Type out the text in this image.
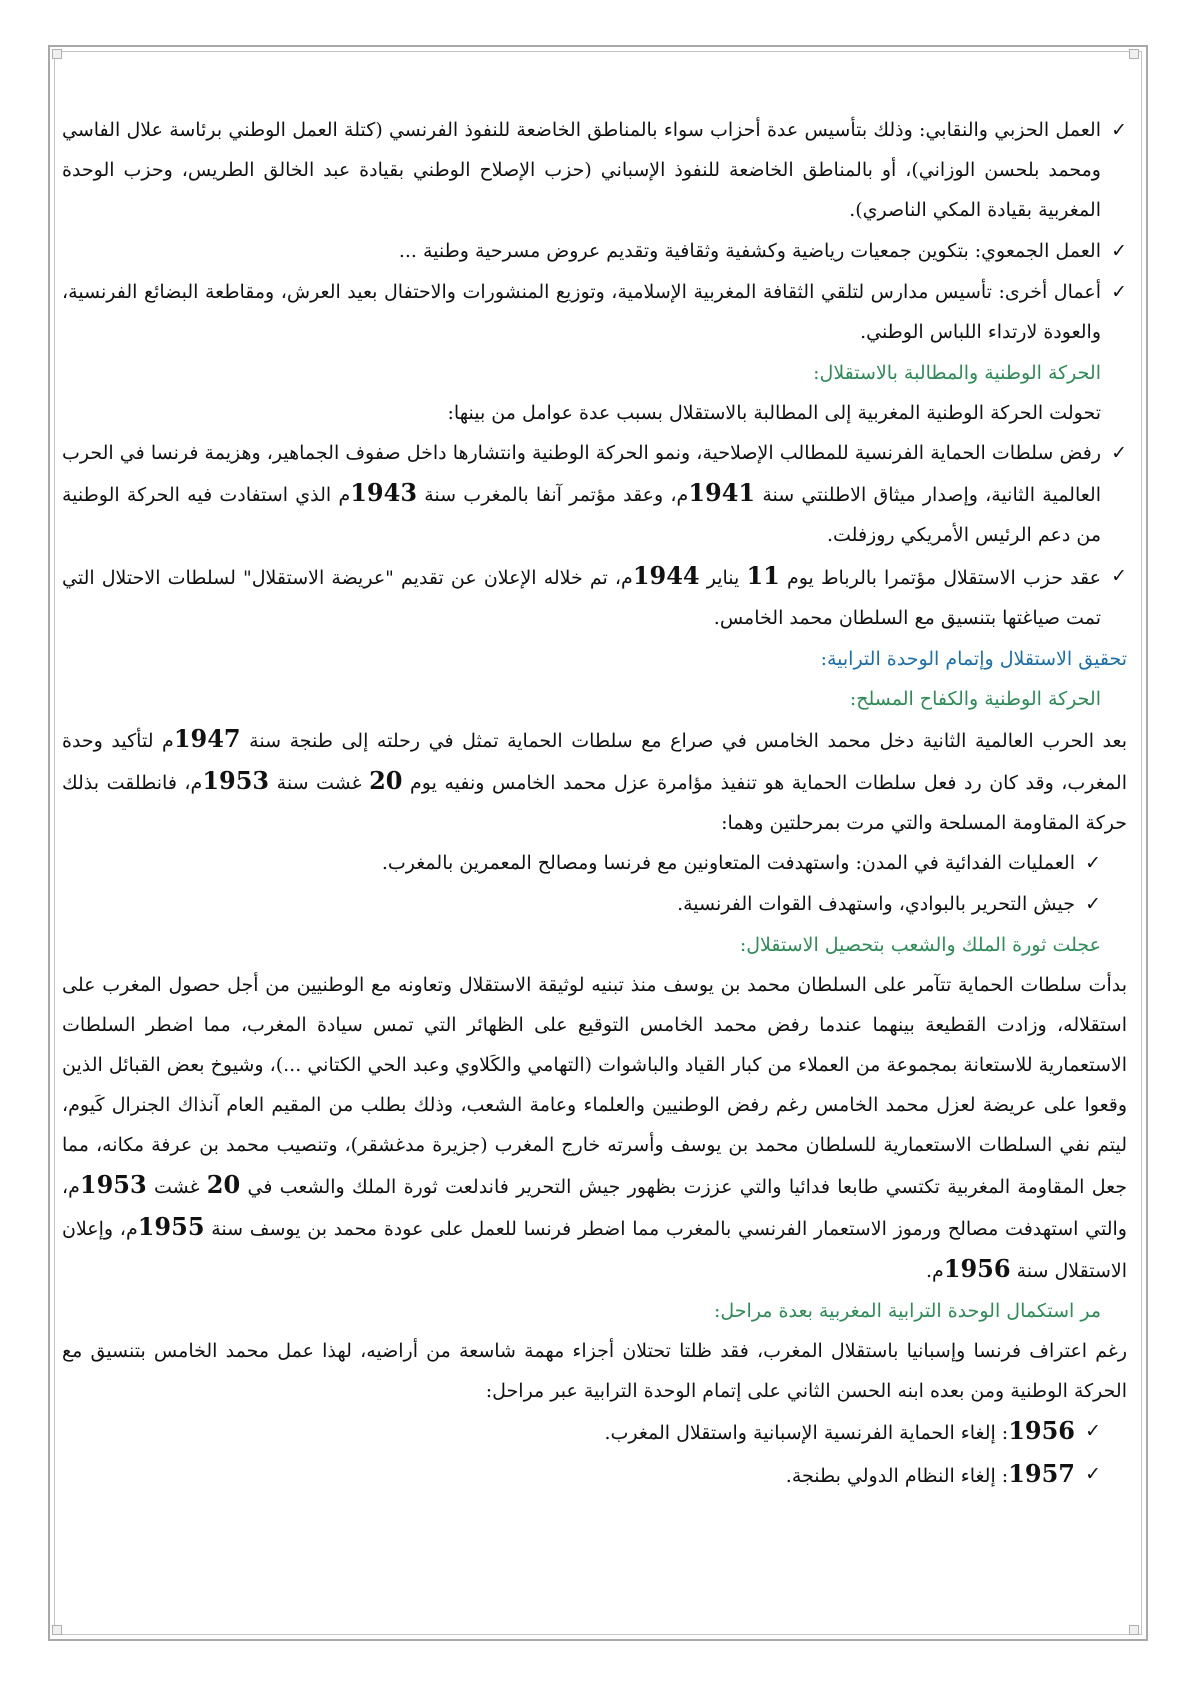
✓
العمل الحزبي والنقابي: وذلك بتأسيس عدة أحزاب سواء بالمناطق الخاضعة للنفوذ الفرنسي (كتلة العمل الوطني برئاسة علال الفاسي ومحمد بلحسن الوزاني)، أو بالمناطق الخاضعة للنفوذ الإسباني (حزب الإصلاح الوطني بقيادة عبد الخالق الطريس، وحزب الوحدة المغربية بقيادة المكي الناصري).
✓
العمل الجمعوي: بتكوين جمعيات رياضية وكشفية وثقافية وتقديم عروض مسرحية وطنية ...
✓
أعمال أخرى: تأسيس مدارس لتلقي الثقافة المغربية الإسلامية، وتوزيع المنشورات والاحتفال بعيد العرش، ومقاطعة البضائع الفرنسية، والعودة لارتداء اللباس الوطني.
الحركة الوطنية والمطالبة بالاستقلال:
تحولت الحركة الوطنية المغربية إلى المطالبة بالاستقلال بسبب عدة عوامل من بينها:
✓
رفض سلطات الحماية الفرنسية للمطالب الإصلاحية، ونمو الحركة الوطنية وانتشارها داخل صفوف الجماهير، وهزيمة فرنسا في الحرب العالمية الثانية، وإصدار ميثاق الاطلنتي سنة 1941م، وعقد مؤتمر آنفا بالمغرب سنة 1943م الذي استفادت فيه الحركة الوطنية من دعم الرئيس الأمريكي روزفلت.
✓
عقد حزب الاستقلال مؤتمرا بالرباط يوم 11 يناير 1944م، تم خلاله الإعلان عن تقديم "عريضة الاستقلال" لسلطات الاحتلال التي تمت صياغتها بتنسيق مع السلطان محمد الخامس.
تحقيق الاستقلال وإتمام الوحدة الترابية:
الحركة الوطنية والكفاح المسلح:
بعد الحرب العالمية الثانية دخل محمد الخامس في صراع مع سلطات الحماية تمثل في رحلته إلى طنجة سنة 1947م لتأكيد وحدة المغرب، وقد كان رد فعل سلطات الحماية هو تنفيذ مؤامرة عزل محمد الخامس ونفيه يوم 20 غشت سنة 1953م، فانطلقت بذلك حركة المقاومة المسلحة والتي مرت بمرحلتين وهما:
✓
العمليات الفدائية في المدن: واستهدفت المتعاونين مع فرنسا ومصالح المعمرين بالمغرب.
✓
جيش التحرير بالبوادي، واستهدف القوات الفرنسية.
عجلت ثورة الملك والشعب بتحصيل الاستقلال:
بدأت سلطات الحماية تتآمر على السلطان محمد بن يوسف منذ تبنيه لوثيقة الاستقلال وتعاونه مع الوطنيين من أجل حصول المغرب على استقلاله، وزادت القطيعة بينهما عندما رفض محمد الخامس التوقيع على الظهائر التي تمس سيادة المغرب، مما اضطر السلطات الاستعمارية للاستعانة بمجموعة من العملاء من كبار القياد والباشوات (التهامي والكَلاوي وعبد الحي الكتاني ...)، وشيوخ بعض القبائل الذين وقعوا على عريضة لعزل محمد الخامس رغم رفض الوطنيين والعلماء وعامة الشعب، وذلك بطلب من المقيم العام آنذاك الجنرال كَيوم، ليتم نفي السلطات الاستعمارية للسلطان محمد بن يوسف وأسرته خارج المغرب (جزيرة مدغشقر)، وتنصيب محمد بن عرفة مكانه، مما جعل المقاومة المغربية تكتسي طابعا فدائيا والتي عززت بظهور جيش التحرير فاندلعت ثورة الملك والشعب في 20 غشت 1953م، والتي استهدفت مصالح ورموز الاستعمار الفرنسي بالمغرب مما اضطر فرنسا للعمل على عودة محمد بن يوسف سنة 1955م، وإعلان الاستقلال سنة 1956م.
مر استكمال الوحدة الترابية المغربية بعدة مراحل:
رغم اعتراف فرنسا وإسبانيا باستقلال المغرب، فقد ظلتا تحتلان أجزاء مهمة شاسعة من أراضيه، لهذا عمل محمد الخامس بتنسيق مع الحركة الوطنية ومن بعده ابنه الحسن الثاني على إتمام الوحدة الترابية عبر مراحل:
✓
1956: إلغاء الحماية الفرنسية الإسبانية واستقلال المغرب.
✓
1957: إلغاء النظام الدولي بطنجة.
